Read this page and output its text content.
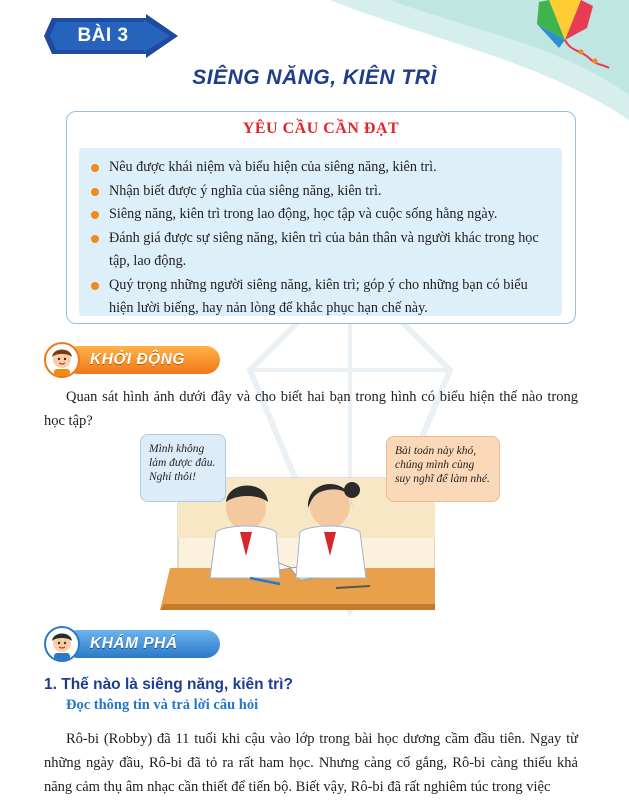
BÀI 3
SIÊNG NĂNG, KIÊN TRÌ
YÊU CẦU CẦN ĐẠT
Nêu được khái niệm và biểu hiện của siêng năng, kiên trì.
Nhận biết được ý nghĩa của siêng năng, kiên trì.
Siêng năng, kiên trì trong lao động, học tập và cuộc sống hằng ngày.
Đánh giá được sự siêng năng, kiên trì của bản thân và người khác trong học tập, lao động.
Quý trọng những người siêng năng, kiên trì; góp ý cho những bạn có biểu hiện lười biếng, hay nản lòng để khắc phục hạn chế này.
KHỞI ĐỘNG

Quan sát hình ảnh dưới đây và cho biết hai bạn trong hình có biểu hiện thế nào trong học tập?

Mình không làm được đâu. Nghỉ thôi!
Bài toán này khó, chúng mình cùng suy nghĩ để làm nhé.
KHÁM PHÁ
1. Thế nào là siêng năng, kiên trì?
Đọc thông tin và trả lời câu hỏi

Rô-bi (Robby) đã 11 tuổi khi cậu vào lớp trong bài học dương cầm đầu tiên. Ngay từ những ngày đầu, Rô-bi đã tỏ ra rất ham học. Nhưng càng cố gắng, Rô-bi càng thiếu khả năng cảm thụ âm nhạc cần thiết để tiến bộ. Biết vậy, Rô-bi đã rất nghiêm túc trong việc
